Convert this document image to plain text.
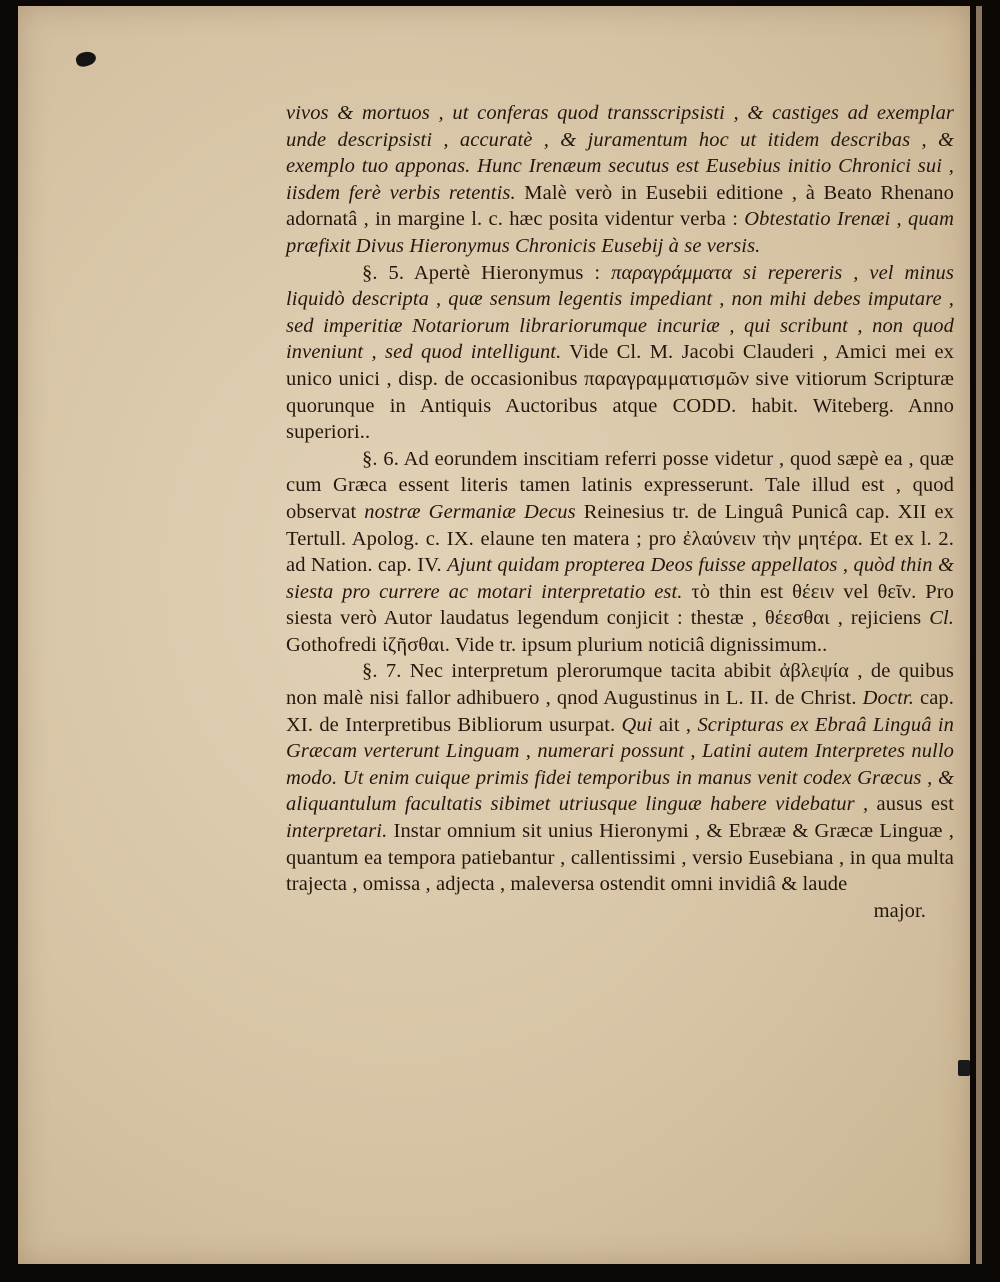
vivos & mortuos , ut conferas quod transscripsisti , & castiges ad exemplar unde descripsisti , accuratè , & juramentum hoc ut itidem describas , & exemplo tuo apponas. Hunc Irenæum secutus est Eusebius initio Chronici sui , iisdem ferè verbis retentis. Malè verò in Eusebii editione , à Beato Rhenano adornatâ , in margine l. c. hæc posita videntur verba : Obtestatio Irenæi , quam præfixit Divus Hieronymus Chronicis Eusebij à se versis.

§. 5. Apertè Hieronymus : παραγράμματα si repereris , vel minus liquidò descripta , quæ sensum legentis impediant , non mihi debes imputare , sed imperitiæ Notariorum librariorumque incuriæ , qui scribunt , non quod inveniunt , sed quod intelligunt. Vide Cl. M. Jacobi Clauderi , Amici mei ex unico unici , disp. de occasionibus παραγραμματισμῶν sive vitiorum Scripturæ quorunque in Antiquis Auctoribus atque CODD. habit. Witeberg. Anno superiori..

§. 6. Ad eorundem inscitiam referri posse videtur , quod sæpè ea , quæ cum Græca essent literis tamen latinis expresserunt. Tale illud est , quod observat nostræ Germaniæ Decus Reinesius tr. de Linguâ Punicâ cap. XII ex Tertull. Apolog. c. IX. elaune ten matera ; pro ἐλαύνειν τὴν μητέρα. Et ex l. 2. ad Nation. cap. IV. Ajunt quidam propterea Deos fuisse appellatos , quòd thin & siesta pro currere ac motari interpretatio est. τὸ thin est θέειν vel θεῖν. Pro siesta verò Autor laudatus legendum conjicit : thestæ , θέεσθαι , rejiciens Cl. Gothofredi ἰζῆσθαι. Vide tr. ipsum plurium noticiâ dignissimum..

§. 7. Nec interpretum plerorumque tacita abibit ἀβλεψία , de quibus non malè nisi fallor adhibuero , qnod Augustinus in L. II. de Christ. Doctr. cap. XI. de Interpretibus Bibliorum usurpat. Qui ait , Scripturas ex Ebraâ Linguâ in Græcam verterunt Linguam , numerari possunt , Latini autem Interpretes nullo modo. Ut enim cuique primis fidei temporibus in manus venit codex Græcus , & aliquantulum facultatis sibimet utriusque linguæ habere videbatur , ausus est interpretari. Instar omnium sit unius Hieronymi , & Ebrææ & Græcæ Linguæ , quantum ea tempora patiebantur , callentissimi , versio Eusebiana , in qua multa trajecta , omissa , adjecta , maleversa ostendit omni invidiâ & laude

major.
